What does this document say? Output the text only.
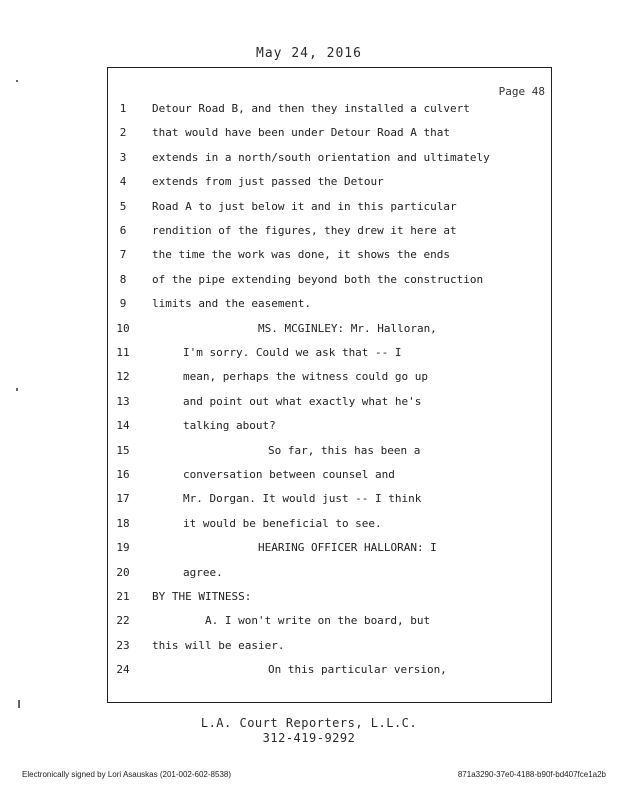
May 24, 2016
Page 48
1	Detour Road B, and then they installed a culvert
2	that would have been under Detour Road A that
3	extends in a north/south orientation and ultimately
4	extends from just passed the Detour
5	Road A to just below it and in this particular
6	rendition of the figures, they drew it here at
7	the time the work was done, it shows the ends
8	of the pipe extending beyond both the construction
9	limits and the easement.
10	MS. MCGINLEY: Mr. Halloran,
11	I'm sorry. Could we ask that -- I
12	mean, perhaps the witness could go up
13	and point out what exactly what he's
14	talking about?
15	So far, this has been a
16	conversation between counsel and
17	Mr. Dorgan. It would just -- I think
18	it would be beneficial to see.
19	HEARING OFFICER HALLORAN: I
20	agree.
21	BY THE WITNESS:
22	A. I won't write on the board, but
23	this will be easier.
24	On this particular version,
L.A. Court Reporters, L.L.C.
312-419-9292
Electronically signed by Lori Asauskas (201-002-602-8538)	871a3290-37e0-4188-b90f-bd407fce1a2b
